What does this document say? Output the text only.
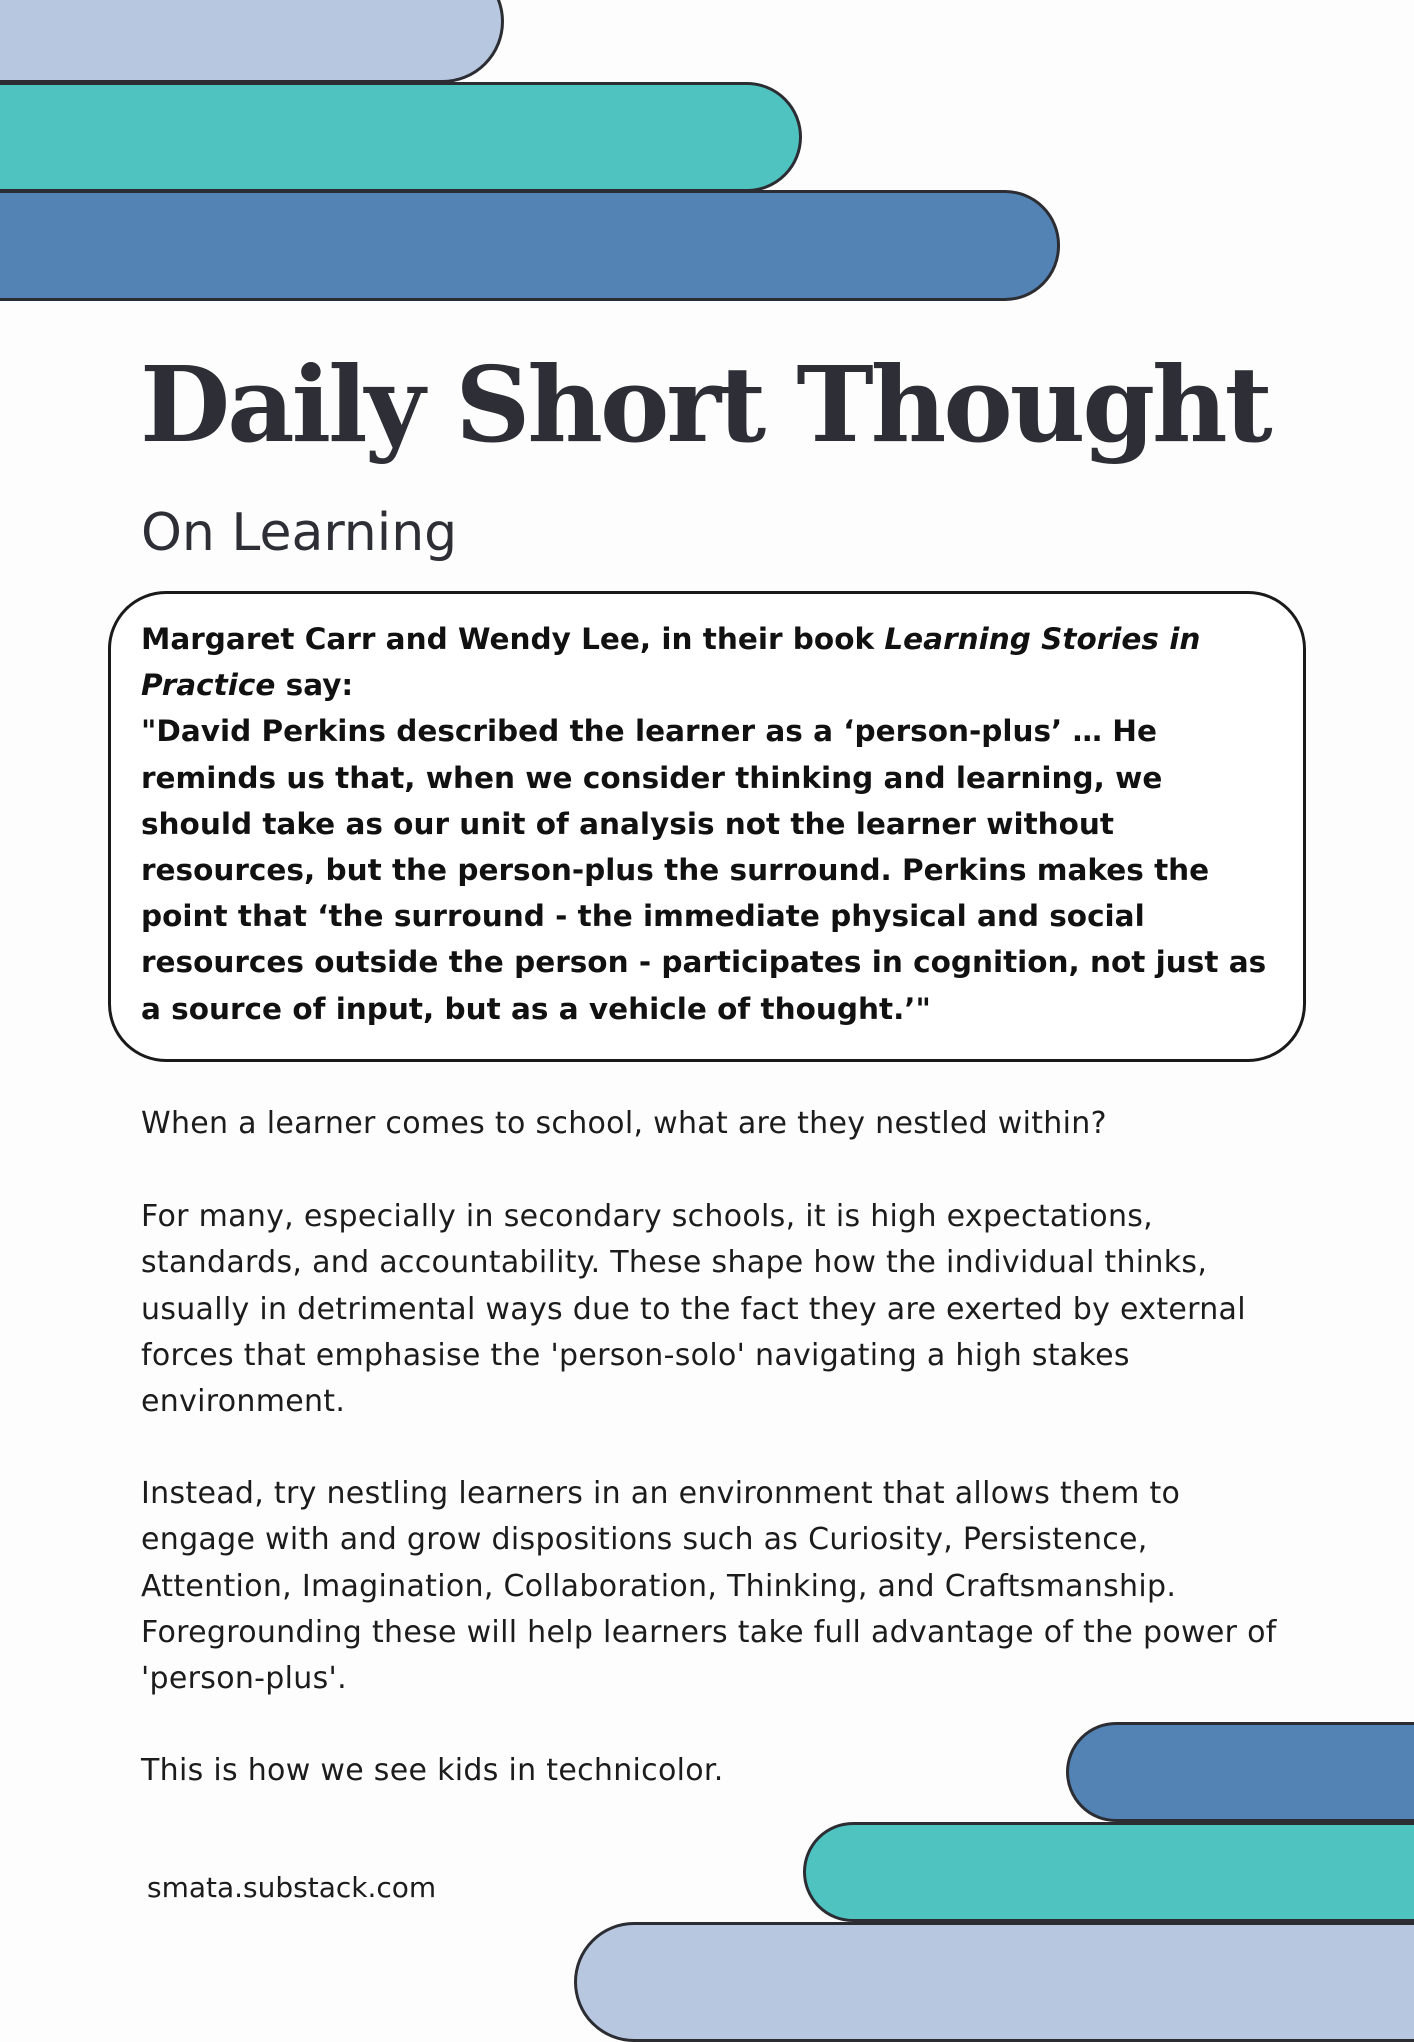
Daily Short Thought
On Learning

Margaret Carr and Wendy Lee, in their book Learning Stories in Practice say:
"David Perkins described the learner as a ‘person-plus’ … He reminds us that, when we consider thinking and learning, we should take as our unit of analysis not the learner without resources, but the person-plus the surround. Perkins makes the point that ‘the surround - the immediate physical and social resources outside the person - participates in cognition, not just as a source of input, but as a vehicle of thought.’"

When a learner comes to school, what are they nestled within?

For many, especially in secondary schools, it is high expectations, standards, and accountability. These shape how the individual thinks, usually in detrimental ways due to the fact they are exerted by external forces that emphasise the 'person-solo' navigating a high stakes environment.

Instead, try nestling learners in an environment that allows them to engage with and grow dispositions such as Curiosity, Persistence, Attention, Imagination, Collaboration, Thinking, and Craftsmanship. Foregrounding these will help learners take full advantage of the power of 'person-plus'.

This is how we see kids in technicolor.

smata.substack.com
